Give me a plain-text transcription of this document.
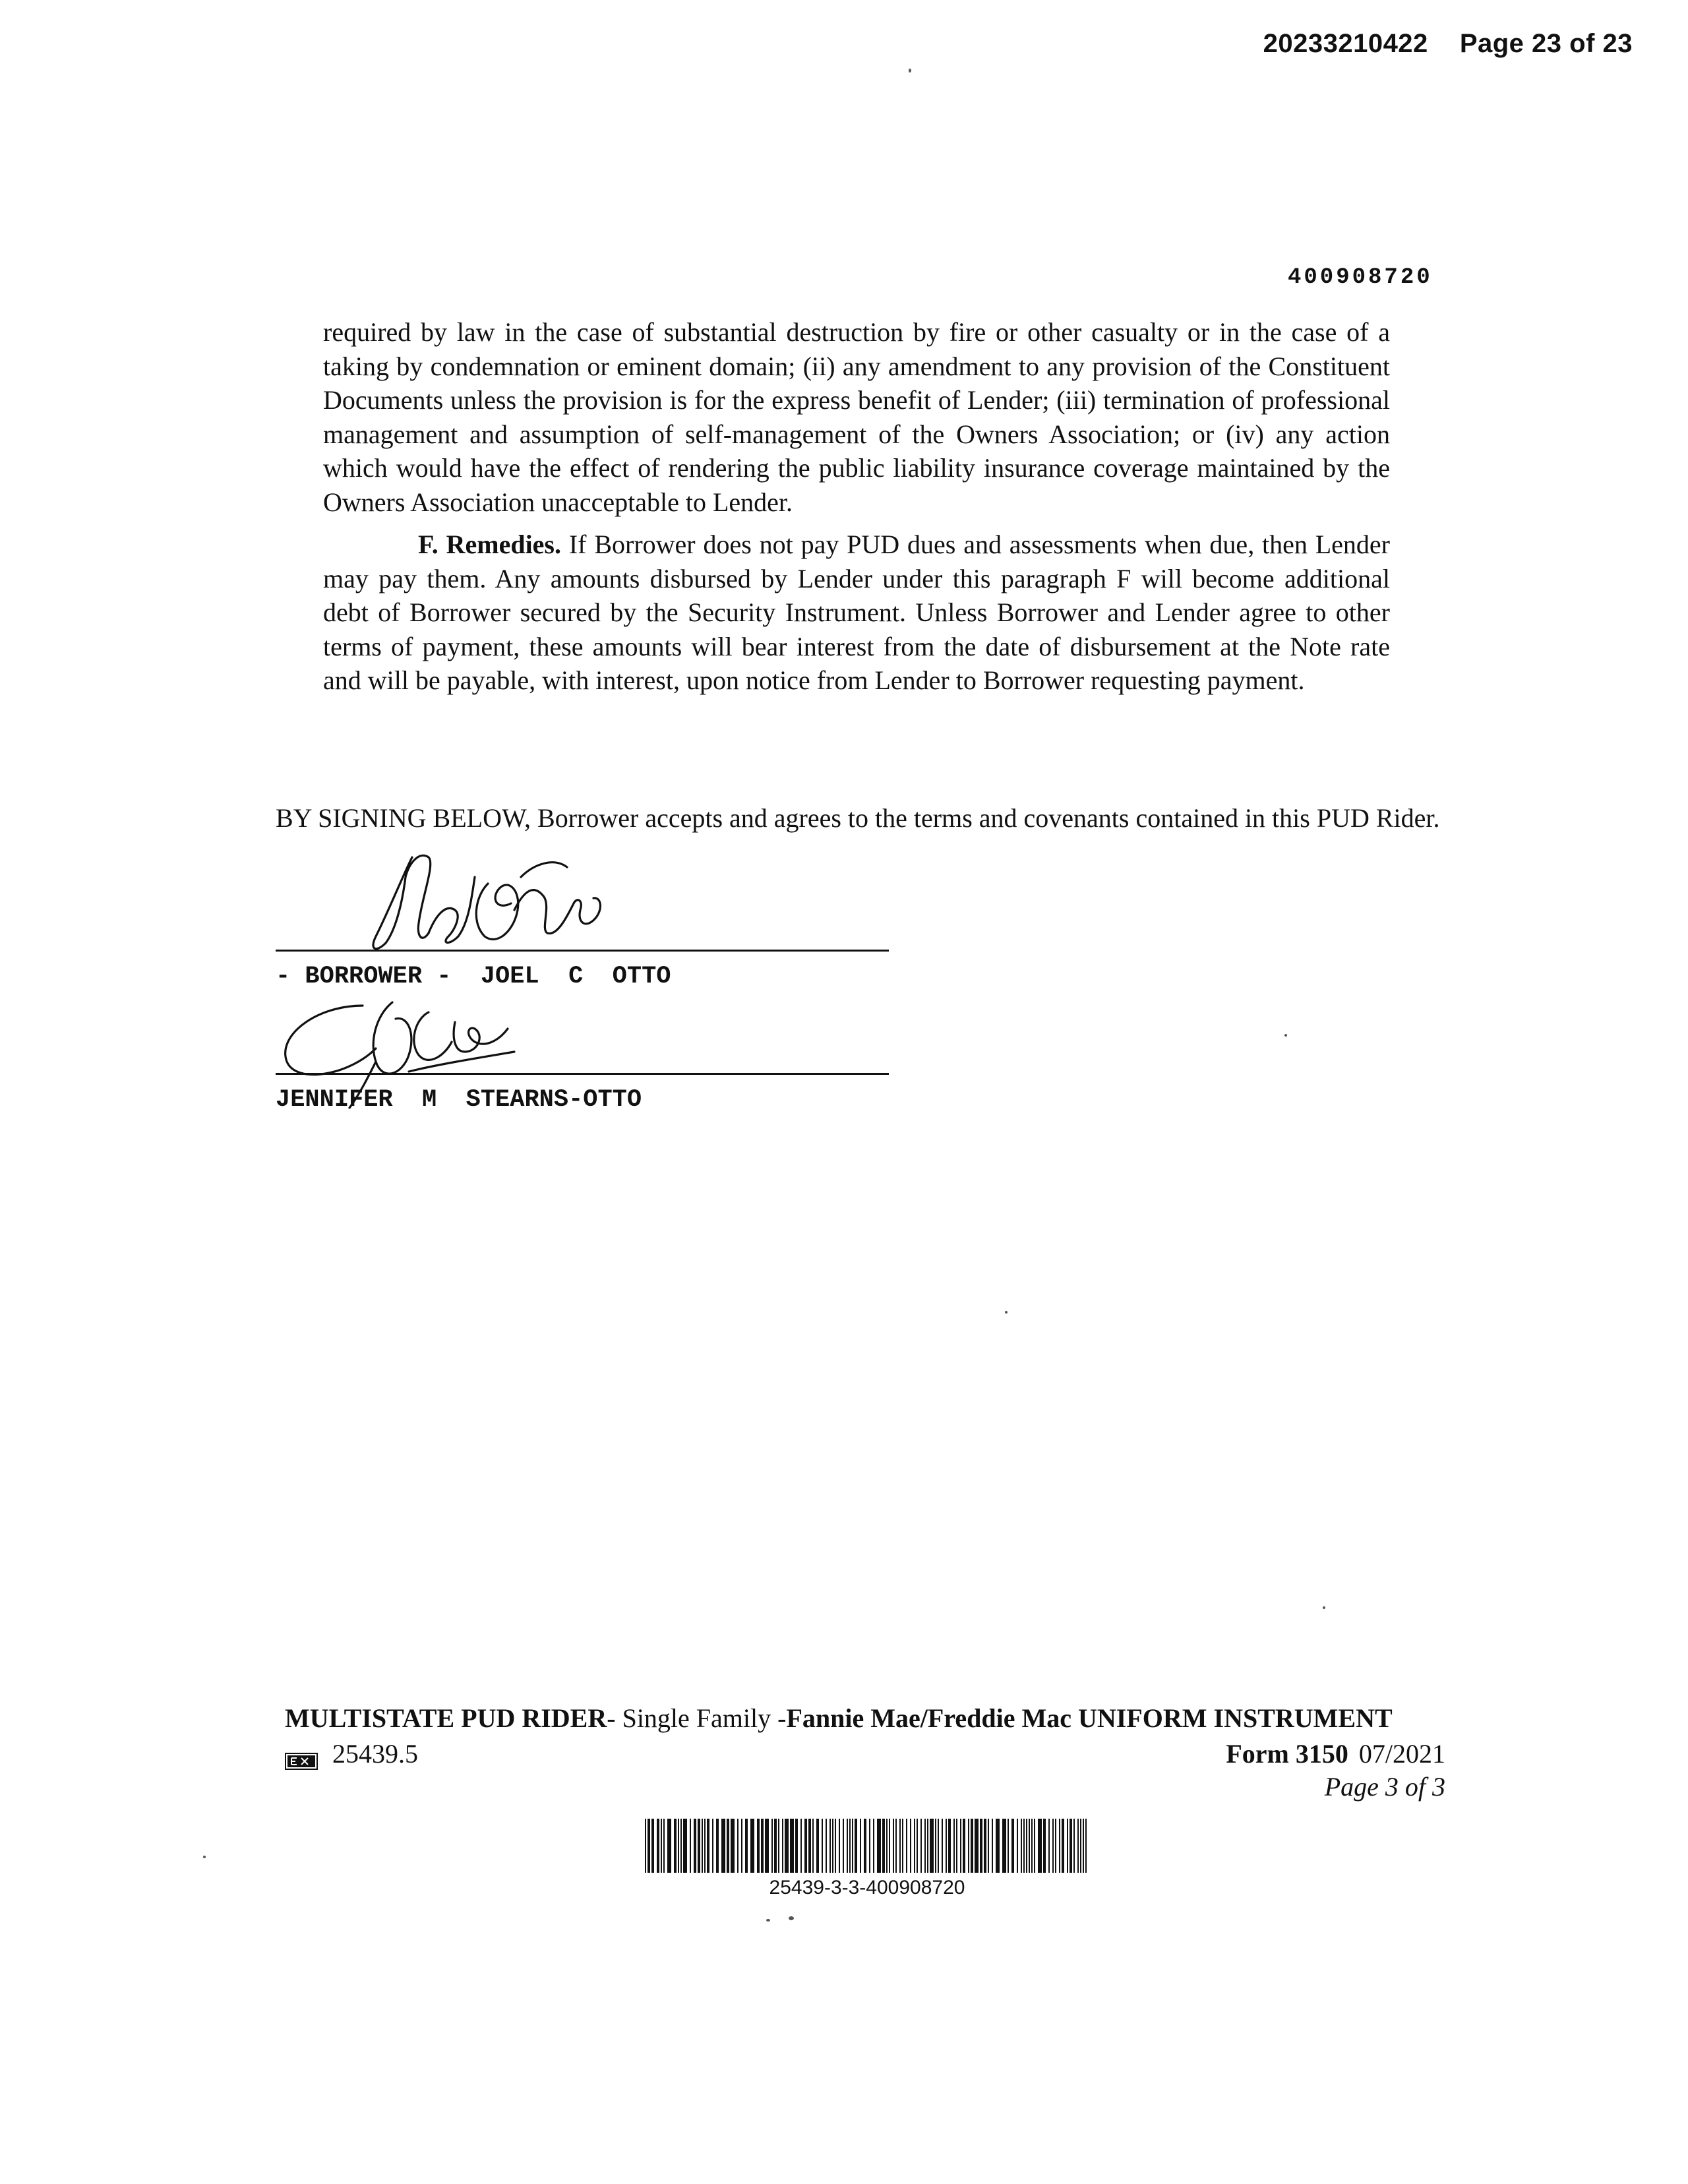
20233210422 Page 23 of 23
400908720
required by law in the case of substantial destruction by fire or other casualty or in the case of a taking by condemnation or eminent domain; (ii) any amendment to any provision of the Constituent Documents unless the provision is for the express benefit of Lender; (iii) termination of professional management and assumption of self-management of the Owners Association; or (iv) any action which would have the effect of rendering the public liability insurance coverage maintained by the Owners Association unacceptable to Lender.
F. Remedies. If Borrower does not pay PUD dues and assessments when due, then Lender may pay them. Any amounts disbursed by Lender under this paragraph F will become additional debt of Borrower secured by the Security Instrument. Unless Borrower and Lender agree to other terms of payment, these amounts will bear interest from the date of disbursement at the Note rate and will be payable, with interest, upon notice from Lender to Borrower requesting payment.
BY SIGNING BELOW, Borrower accepts and agrees to the terms and covenants contained in this PUD Rider.
- BORROWER -  JOEL  C  OTTO
JENNIFER  M  STEARNS-OTTO
MULTISTATE PUD RIDER- Single Family -Fannie Mae/Freddie Mac UNIFORM INSTRUMENT
25439.5	Form 3150 07/2021
Page 3 of 3
25439-3-3-400908720
